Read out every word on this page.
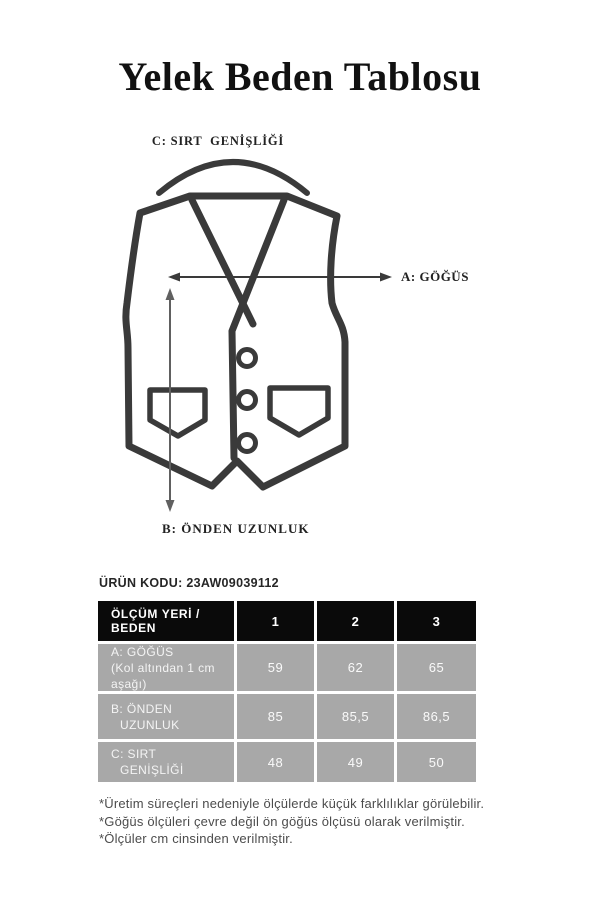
Yelek Beden Tablosu
C: SIRT  GENİŞLİĞİ
A: GÖĞÜS
B: ÖNDEN UZUNLUK
ÜRÜN KODU: 23AW09039112
ÖLÇÜM YERİ / BEDEN	1	2	3
A: GÖĞÜS
(Kol altından 1 cm aşağı)
59	62	65
B: ÖNDEN
UZUNLUK
85	85,5	86,5
C: SIRT
GENİŞLİĞİ
48	49	50
*Üretim süreçleri nedeniyle ölçülerde küçük farklılıklar görülebilir.
*Göğüs ölçüleri çevre değil ön göğüs ölçüsü olarak verilmiştir.
*Ölçüler cm cinsinden verilmiştir.
